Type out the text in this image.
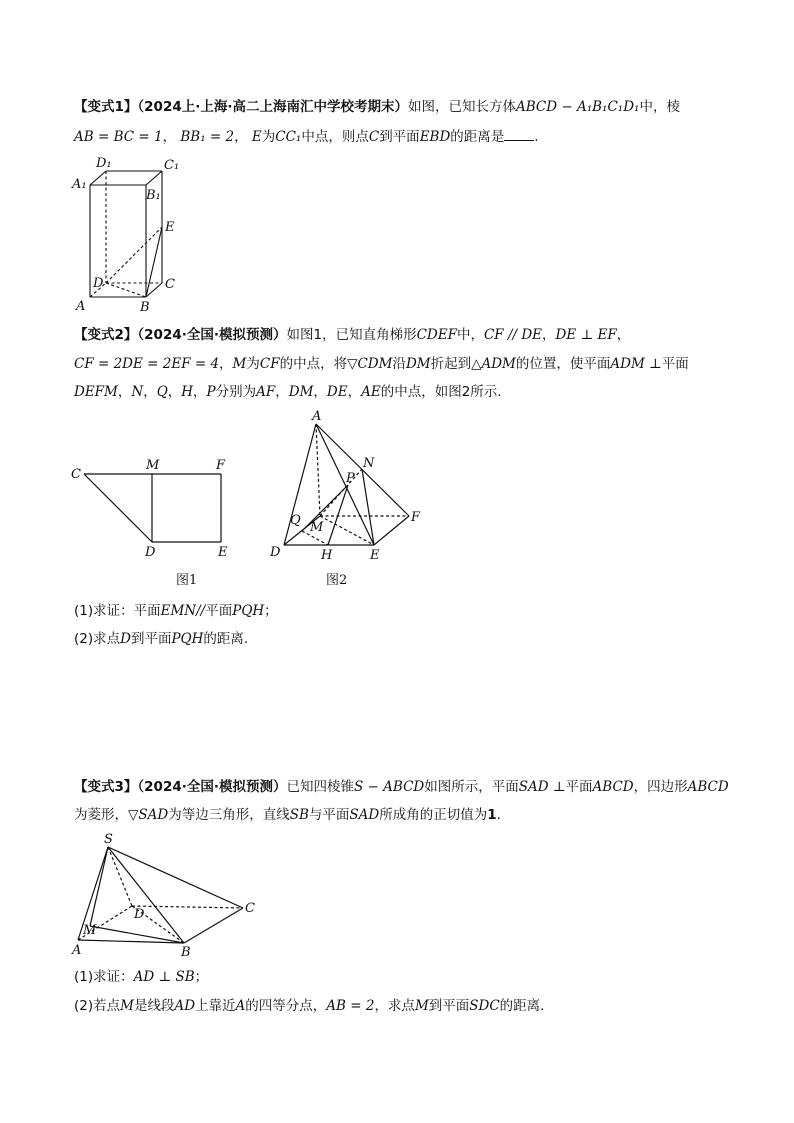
【变式1】（2024上·上海·高二上海南汇中学校考期末）如图，已知长方体ABCD − A₁B₁C₁D₁中，棱
AB = BC = 1， BB₁ = 2， E为CC₁中点，则点C到平面EBD的距离是 .
D₁	C₁
A₁
B₁
E
D	C
A	B
【变式2】（2024·全国·模拟预测）如图1，已知直角梯形CDEF中，CF // DE，DE ⊥ EF，
CF = 2DE = 2EF = 4，M为CF的中点，将▽CDM沿DM折起到△ADM的位置，使平面ADM ⊥平面
DEFM，N，Q，H，P分别为AF，DM，DE，AE的中点，如图2所示.
C
M	F
D	E
图1
A
N
P
Q M
F
D	H	E
图2
(1)求证：平面EMN//平面PQH；
(2)求点D到平面PQH的距离.
【变式3】（2024·全国·模拟预测）已知四棱锥S − ABCD如图所示，平面SAD ⊥平面ABCD，四边形ABCD
为菱形，▽SAD为等边三角形，直线SB与平面SAD所成角的正切值为1.
S
D	C
M
A	B
(1)求证：AD ⊥ SB；
(2)若点M是线段AD上靠近A的四等分点，AB = 2，求点M到平面SDC的距离.
